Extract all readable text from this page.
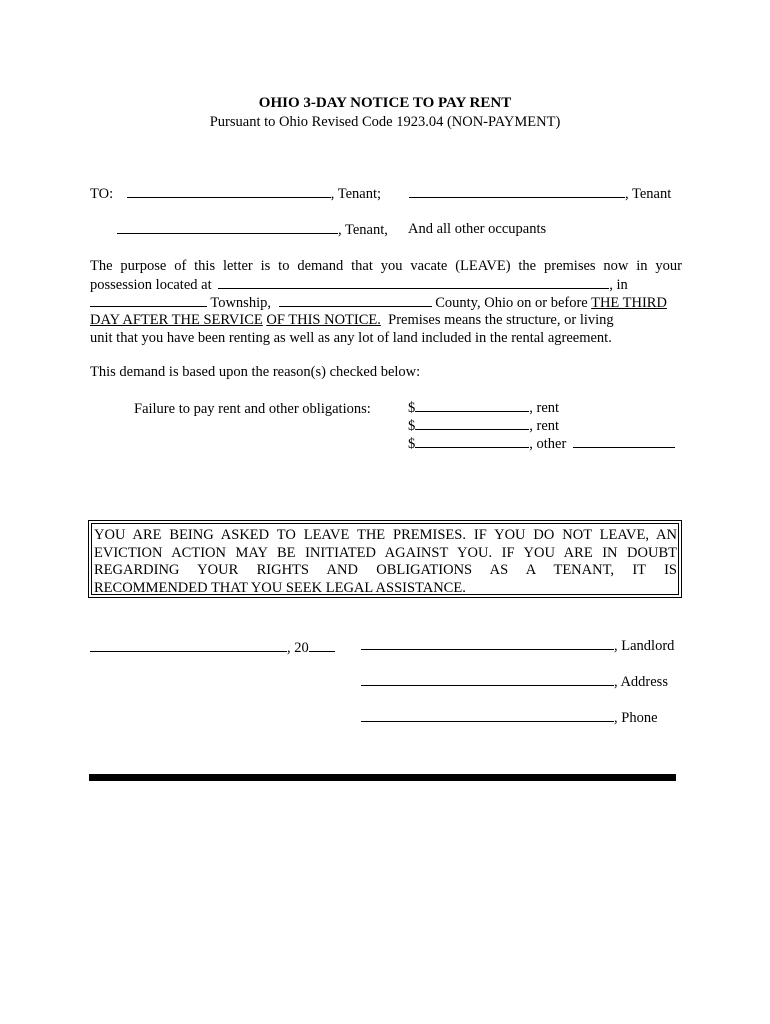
OHIO 3-DAY NOTICE TO PAY RENT
Pursuant to Ohio Revised Code 1923.04 (NON-PAYMENT)
TO:	, Tenant;	, Tenant
, Tenant, And all other occupants
The purpose of this letter is to demand that you vacate (LEAVE) the premises now in your
possession located at	, in
Township,	County, Ohio on or before THE THIRD
DAY AFTER THE SERVICE OF THIS NOTICE.  Premises means the structure, or living
unit that you have been renting as well as any lot of land included in the rental agreement.
This demand is based upon the reason(s) checked below:
Failure to pay rent and other obligations:	$	, rent
$	, rent
$	, other
YOU ARE BEING ASKED TO LEAVE THE PREMISES. IF YOU DO NOT LEAVE, AN
EVICTION ACTION MAY BE INITIATED AGAINST YOU. IF YOU ARE IN DOUBT
REGARDING YOUR RIGHTS AND OBLIGATIONS AS A TENANT, IT IS
RECOMMENDED THAT YOU SEEK LEGAL ASSISTANCE.
, 20	, Landlord
, Address
, Phone
